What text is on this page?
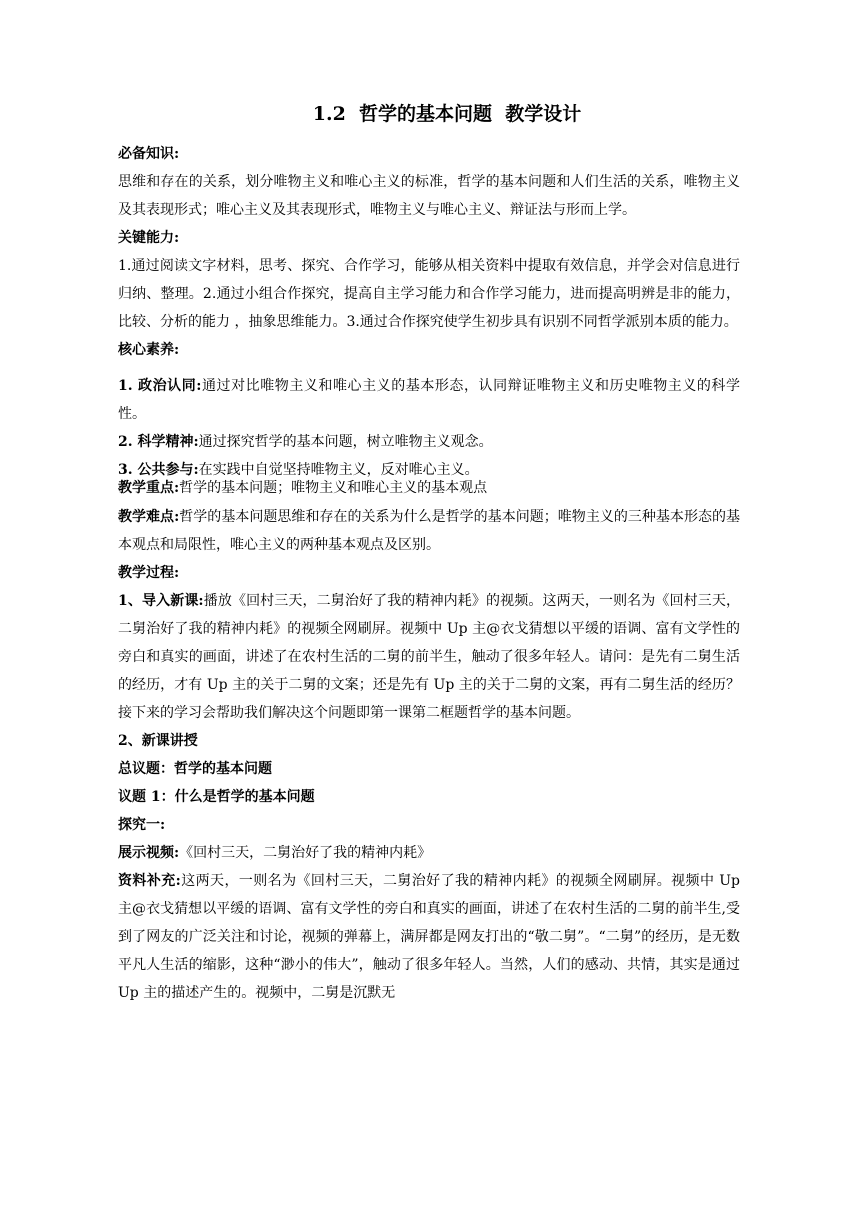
1.2  哲学的基本问题  教学设计
必备知识:
思维和存在的关系，划分唯物主义和唯心主义的标准，哲学的基本问题和人们生活的关系，唯物主义及其表现形式；唯心主义及其表现形式，唯物主义与唯心主义、辩证法与形而上学。
关键能力:
1.通过阅读文字材料，思考、探究、合作学习，能够从相关资料中提取有效信息，并学会对信息进行归纳、整理。2.通过小组合作探究，提高自主学习能力和合作学习能力，进而提高明辨是非的能力，比较、分析的能力 ，抽象思维能力。3.通过合作探究使学生初步具有识别不同哲学派别本质的能力。
核心素养:
1. 政治认同:通过对比唯物主义和唯心主义的基本形态，认同辩证唯物主义和历史唯物主义的科学性。
2. 科学精神:通过探究哲学的基本问题，树立唯物主义观念。
3. 公共参与:在实践中自觉坚持唯物主义，反对唯心主义。
教学重点:哲学的基本问题；唯物主义和唯心主义的基本观点
教学难点:哲学的基本问题思维和存在的关系为什么是哲学的基本问题；唯物主义的三种基本形态的基本观点和局限性，唯心主义的两种基本观点及区别。
教学过程:
1、导入新课:播放《回村三天，二舅治好了我的精神内耗》的视频。这两天，一则名为《回村三天，二舅治好了我的精神内耗》的视频全网刷屏。视频中 Up 主@衣戈猜想以平缓的语调、富有文学性的旁白和真实的画面，讲述了在农村生活的二舅的前半生，触动了很多年轻人。请问：是先有二舅生活的经历，才有 Up 主的关于二舅的文案；还是先有 Up 主的关于二舅的文案，再有二舅生活的经历？接下来的学习会帮助我们解决这个问题即第一课第二框题哲学的基本问题。
2、新课讲授
总议题：哲学的基本问题
议题 1：什么是哲学的基本问题
探究一:
展示视频:《回村三天，二舅治好了我的精神内耗》
资料补充:这两天，一则名为《回村三天，二舅治好了我的精神内耗》的视频全网刷屏。视频中 Up 主@衣戈猜想以平缓的语调、富有文学性的旁白和真实的画面，讲述了在农村生活的二舅的前半生,受到了网友的广泛关注和讨论，视频的弹幕上，满屏都是网友打出的“敬二舅”。“二舅”的经历，是无数平凡人生活的缩影，这种“渺小的伟大”，触动了很多年轻人。当然，人们的感动、共情，其实是通过 Up 主的描述产生的。视频中，二舅是沉默无
